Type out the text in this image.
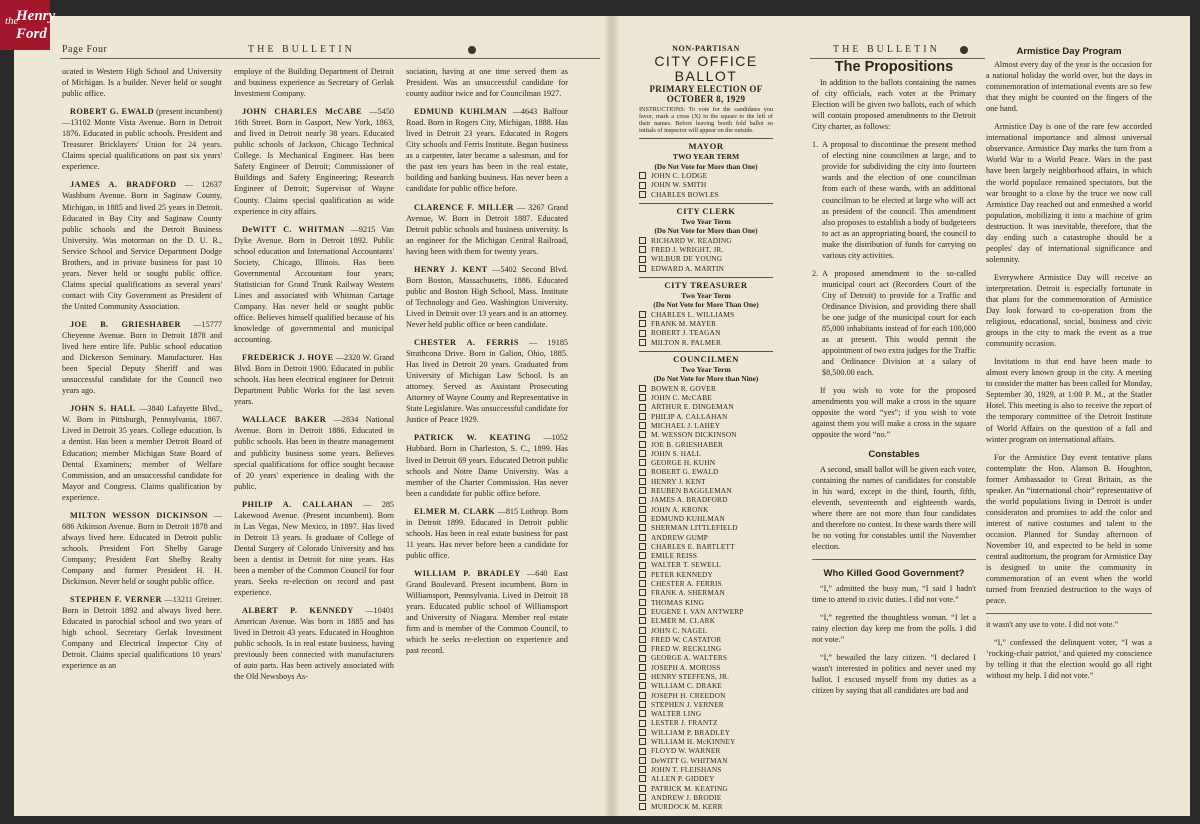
the
Henry
Ford
Page Four	THE BULLETIN	THE BULLETIN

ucated in Western High School and University of Michigan. Is a builder. Never held or sought public office.

ROBERT G. EWALD (present incumbent)—13102 Monte Vista Avenue. Born in Detroit 1876. Educated in public schools. President and Treasurer Bricklayers' Union for 24 years. Claims special qualifications on past six years' experience.

JAMES A. BRADFORD — 12637 Washburn Avenue. Born in Saginaw County, Michigan, in 1885 and lived 25 years in Detroit. Educated in Bay City and Saginaw County public schools and the Detroit Business University. Was motorman on the D. U. R., Service School and Service Department Dodge Brothers, and in private business for past 10 years. Never held or sought public office. Claims special qualifications as several years' contact with City Government as President of the United Community Association.

JOE B. GRIESHABER —15777 Cheyenne Avenue. Born in Detroit 1878 and lived here entire life. Public school education and Dickerson Seminary. Manufacturer. Has been Special Deputy Sheriff and was unsuccessful candidate for the Council two years ago.

JOHN S. HALL —3840 Lafayette Blvd., W. Born in Pittsburgh, Pennsylvania, 1867. Lived in Detroit 35 years. College education. Is a dentist. Has been a member Detroit Board of Education; member Michigan State Board of Dental Examiners; member of Welfare Commission, and an unsuccessful candidate for Mayor and Congress. Claims qualification by experience.

MILTON WESSON DICKINSON —686 Atkinson Avenue. Born in Detroit 1878 and always lived here. Educated in Detroit public schools. President Fort Shelby Garage Company; President Fort Shelby Realty Company and former President H. H. Dickinson. Never held or sought public office.

STEPHEN F. VERNER —13211 Greiner. Born in Detroit 1892 and always lived here. Educated in parochial school and two years of high school. Secretary Gerlak Investment Company and Electrical Inspector City of Detroit. Claims special qualifications 10 years' experience as an

employe of the Building Department of Detroit and business experience as Secretary of Gerlak Investment Company.

JOHN CHARLES McCABE —5450 16th Street. Born in Gasport, New York, 1863, and lived in Detroit nearly 38 years. Educated public schools of Jackson, Chicago Technical College. Is Mechanical Engineer. Has been Safety Engineer of Detroit; Commissioner of Buildings and Safety Engineering; Research Engineer of Detroit; Supervisor of Wayne County. Claims special qualification as wide experience in city affairs.

DeWITT C. WHITMAN —9215 Van Dyke Avenue. Born in Detroit 1892. Public school education and International Accountants' Society, Chicago, Illinois. Has been Governmental Accountant four years; Statistician for Grand Trunk Railway Western Lines and associated with Whitman Cartage Company. Has never held or sought public office. Believes himself qualified because of his knowledge of governmental and municipal accounting.

FREDERICK J. HOYE —2320 W. Grand Blvd. Born in Detroit 1900. Educated in public schools. Has been electrical engineer for Detroit Department Public Works for the last seven years.

WALLACE BAKER —2834 National Avenue. Born in Detroit 1886. Educated in public schools. Has been in theatre management and publicity business some years. Believes special qualifications for office sought because of 20 years' experience in dealing with the public.

PHILIP A. CALLAHAN — 285 Lakewood Avenue. (Present incumbent). Born in Las Vegas, New Mexico, in 1897. Has lived in Detroit 13 years. Is graduate of College of Dental Surgery of Colorado University and has been a dentist in Detroit for nine years. Has been a member of the Common Council for four years. Seeks re-election on record and past experience.

ALBERT P. KENNEDY —10401 American Avenue. Was born in 1885 and has lived in Detroit 43 years. Educated in Houghton public schools. Is in real estate business, having previously been connected with manufacturers of auto parts. Has been actively associated with the Old Newsboys As-

sociation, having at one time served them as President. Was an unsuccessful candidate for county auditor twice and for Councilman 1927.

EDMUND KUHLMAN —4643 Balfour Road. Born in Rogers City, Michigan, 1888. Has lived in Detroit 23 years. Educated in Rogers City schools and Ferris Institute. Began business as a carpenter, later became a salesman, and for the past ten years has been in the real estate, building and banking business. Has never been a candidate for public office before.

CLARENCE F. MILLER — 3267 Grand Avenue, W. Born in Detroit 1887. Educated Detroit public schools and business university. Is an engineer for the Michigan Central Railroad, having been with them for twenty years.

HENRY J. KENT —5402 Second Blvd. Born Boston, Massachusetts, 1886. Educated public and Boston High School, Mass. Institute of Technology and Geo. Washington University. Lived in Detroit over 13 years and is an attorney. Never held public office or been candidate.

CHESTER A. FERRIS — 19185 Strathcona Drive. Born in Galion, Ohio, 1885. Has lived in Detroit 20 years. Graduated from University of Michigan Law School. Is an attorney. Served as Assistant Prosecuting Attorney of Wayne County and Representative in State Legislature. Was unsuccessful candidate for Justice of Peace 1929.

PATRICK W. KEATING —1052 Hubbard. Born in Charleston, S. C., 1899. Has lived in Detroit 69 years. Educated Detroit public schools and Notre Dame University. Was a member of the Charter Commission. Has never been a candidate for public office before.

ELMER M. CLARK —815 Lothrop. Born in Detroit 1899. Educated in Detroit public schools. Has been in real estate business for past 11 years. Has never before been a candidate for public office.

WILLIAM P. BRADLEY —640 East Grand Boulevard. Present incumbent. Born in Williamsport, Pennsylvania. Lived in Detroit 18 years. Educated public school of Williamsport and University of Niagara. Member real estate firm and is member of the Common Council, to which he seeks re-election on experience and past record.

NON-PARTISAN
CITY OFFICE BALLOT
PRIMARY ELECTION OF
OCTOBER 8, 1929
INSTRUCTIONS: To vote for the candidates you favor, mark a cross (X) in the square to the left of their names. Before leaving booth fold ballot so initials of inspector will appear on the outside.
MAYOR
TWO YEAR TERM
(Do Not Vote for More than One)
JOHN C. LODGE
JOHN W. SMITH
CHARLES BOWLES
CITY CLERK
Two Year Term
(Do Not Vote for More than One)
RICHARD W. READING
FRED J. WRIGHT, JR.
WILBUR DE YOUNG
EDWARD A. MARTIN
CITY TREASURER
Two Year Term
(Do Not Vote for More Than One)
CHARLES L. WILLIAMS
FRANK M. MAYER
ROBERT J. TEAGAN
MILTON R. PALMER
COUNCILMEN
Two Year Term
(Do Not Vote for More than Nine)
BOWEN R. GOVER
JOHN C. McCABE
ARTHUR E. DINGEMAN
PHILIP A. CALLAHAN
MICHAEL J. LAHEY
M. WESSON DICKINSON
JOE B. GRIESHABER
JOHN S. HALL
GEORGE H. KUHN
ROBERT G. EWALD
HENRY J. KENT
REUBEN BAGGLEMAN
JAMES A. BRADFORD
JOHN A. KRONK
EDMUND KUHLMAN
SHERMAN LITTLEFIELD
ANDREW GUMP
CHARLES E. BARTLETT
EMILE REISS
WALTER T. SEWELL
PETER KENNEDY
CHESTER A. FERRIS
FRANK A. SHERMAN
THOMAS KING
EUGENE I. VAN ANTWERP
ELMER M. CLARK
JOHN C. NAGEL
FRED W. CASTATOR
FRED W. RECKLING
GEORGE A. WALTERS
JOSEPH A. MOROSS
HENRY STEFFENS, JR.
WILLIAM C. DRAKE
JOSEPH H. CREEDON
STEPHEN J. VERNER
WALTER LING
LESTER J. FRANTZ
WILLIAM P. BRADLEY
WILLIAM H. McKINNEY
FLOYD W. WARNER
DeWITT G. WHITMAN
JOHN T. FLEISHANS
ALLEN P. GIDDEY
PATRICK M. KEATING
ANDREW J. BRODIE
MURDOCK M. KERR
The Propositions

In addition to the ballots containing the names of city officials, each voter at the Primary Election will be given two ballots, each of which will contain proposed amendments to the Detroit City charter, as follows:

1. A proposal to discontinue the present method of electing nine councilmen at large, and to provide for subdividing the city into fourteen wards and the election of one councilman from each of these wards, with an additional councilman to be elected at large who will act as president of the council. This amendment also proposes to establish a body of budgeteers to act as an appropriating board, the council to make the distribution of funds for carrying on various city activities.

2. A proposed amendment to the so-called municipal court act (Recorders Court of the City of Detroit) to provide for a Traffic and Ordinance Division, and providing there shall be one judge of the municipal court for each 85,000 inhabitants instead of for each 100,000 as at present. This would permit the appointment of two extra judges for the Traffic and Ordinance Division at a salary of $8,500.00 each.

If you wish to vote for the proposed amendments you will make a cross in the square opposite the word “yes”; if you wish to vote against them you will make a cross in the square opposite the word “no.”

Constables

A second, small ballot will be given each voter, containing the names of candidates for constable in his ward, except in the third, fourth, fifth, eleventh, seventeenth and eighteenth wards, where there are not more than four candidates and therefore no contest. In these wards there will be no voting for constables until the November election.

Who Killed Good Government?

“I,” admitted the busy man, “I said I hadn't time to attend to civic duties. I did not vote.”

“I,” regretted the thoughtless woman. “I let a rainy election day keep me from the polls. I did not vote.”

“I,” bewailed the lazy citizen. “I declared I wasn't interested in politics and never used my ballot. I excused myself from my duties as a citizen by saying that all candidates are bad and

Armistice Day Program

Almost every day of the year is the occasion for a national holiday the world over, but the days in commemoration of international events are so few that they might be counted on the fingers of the one hand.

Armistice Day is one of the rare few accorded international importance and almost universal observance. Armistice Day marks the turn from a World War to a World Peace. Wars in the past have been largely neighborhood affairs, in which the world populace remained spectators, but the war brought to a close by the truce we now call Armistice Day reached out and enmeshed a world population, mobilizing it into a machine of grim destruction. It was inevitable, therefore, that the day ending such a catastrophe should be a peoples' day of international significance and solemnity.

Everywhere Armistice Day will receive an interpretation. Detroit is especially fortunate in that plans for the commemoration of Armistice Day look forward to co-operation from the religious, educational, social, business and civic groups in the city to mark the event as a true community occasion.

Invitations to that end have been made to almost every known group in the city. A meeting to consider the matter has been called for Monday, September 30, 1929, at 1:00 P. M., at the Statler Hotel. This meeting is also to receive the report of the temporary committee of the Detroit Institute of World Affairs on the question of a fall and winter program on international affairs.

For the Armistice Day event tentative plans contemplate the Hon. Alanson B. Houghton, former Ambassador to Great Britain, as the speaker. An “international choir” representative of the world populations living in Detroit is under consideraton and promises to add the color and interest of native costumes and talent to the occasion. Planned for Sunday afternoon of November 10, and expected to be held in some central auditorium, the program for Armistice Day is designed to unite the community in commemoration of an event when the world turned from frenzied destruction to the ways of peace.

it wasn't any use to vote. I did not vote.”

“I,” confessed the delinquent voter, “I was a ‘rocking-chair patriot,’ and quieted my conscience by telling it that the election would go all right without my help. I did not vote.”
